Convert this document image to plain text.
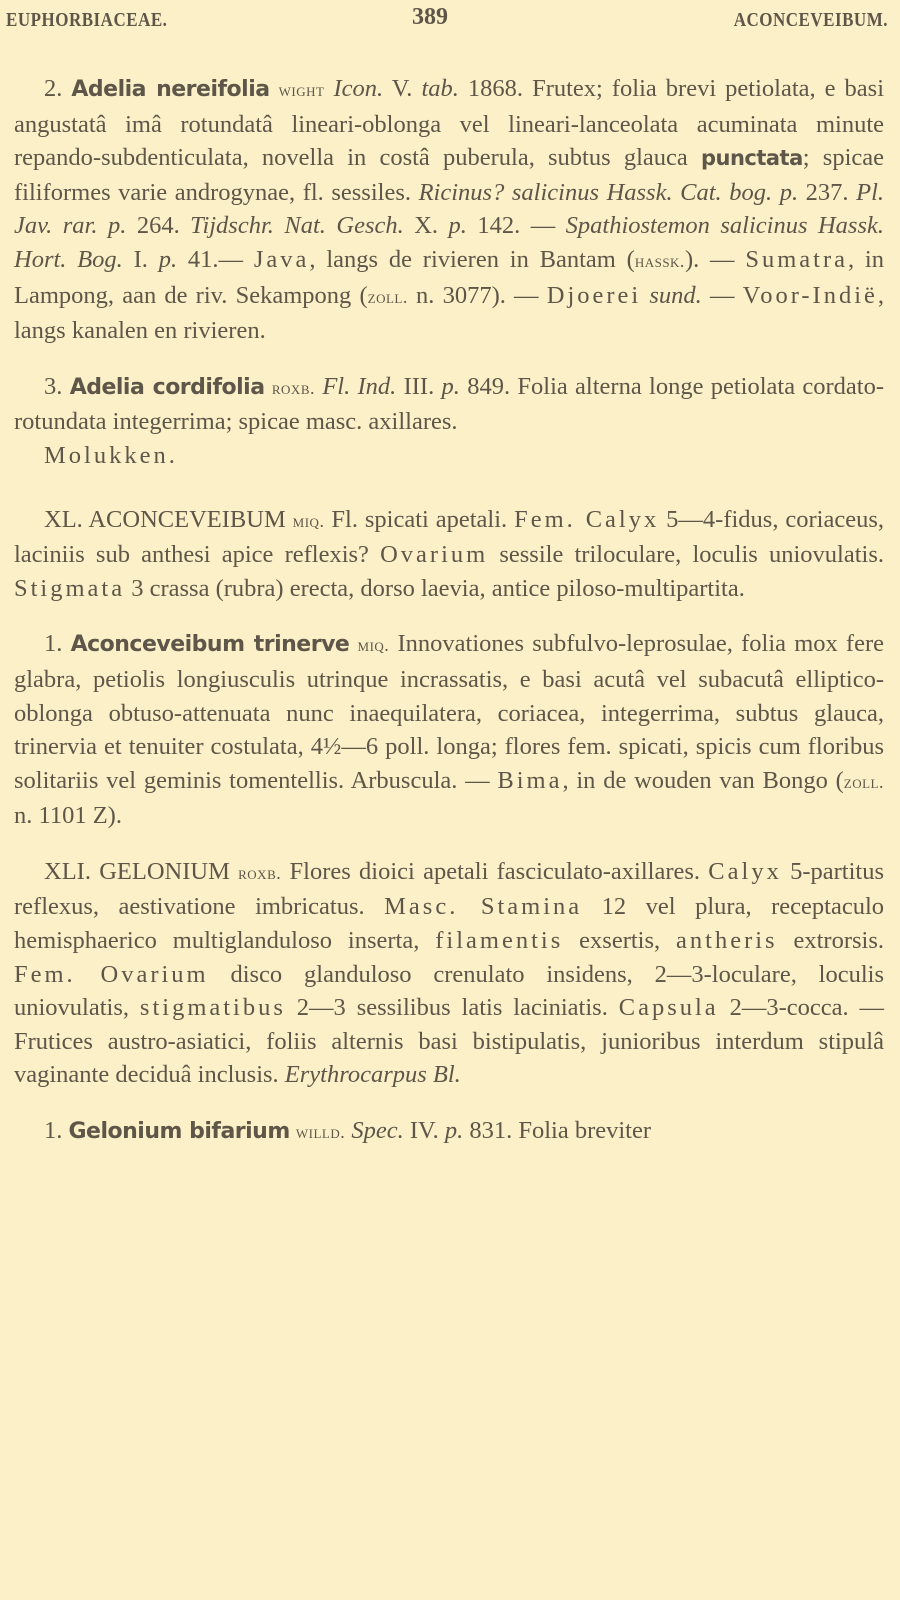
EUPHORBIACEAE.	389	ACONCEVEIBUM.

2. Adelia nereifolia wight Icon. V. tab. 1868. Frutex; folia brevi petiolata, e basi angustatâ imâ rotundatâ lineari-oblonga vel lineari-lanceolata acuminata minute repando-subdenticulata, novella in costâ puberula, subtus glauca punctata; spicae filiformes varie androgynae, fl. sessiles. Ricinus? salicinus Hassk. Cat. bog. p. 237. Pl. Jav. rar. p. 264. Tijdschr. Nat. Gesch. X. p. 142. — Spathiostemon salicinus Hassk. Hort. Bog. I. p. 41.— Java, langs de rivieren in Bantam (hassk.). — Sumatra, in Lampong, aan de riv. Sekampong (zoll. n. 3077). — Djoerei sund. — Voor-Indië, langs kanalen en rivieren.

3. Adelia cordifolia roxb. Fl. Ind. III. p. 849. Folia alterna longe petiolata cordato-rotundata integerrima; spicae masc. axillares.

Molukken.

XL. ACONCEVEIBUM miq. Fl. spicati apetali. Fem. Calyx 5—4-fidus, coriaceus, laciniis sub anthesi apice reflexis? Ovarium sessile triloculare, loculis uniovulatis. Stigmata 3 crassa (rubra) erecta, dorso laevia, antice piloso-multipartita.

1. Aconceveibum trinerve miq. Innovationes subfulvo-leprosulae, folia mox fere glabra, petiolis longiusculis utrinque incrassatis, e basi acutâ vel subacutâ elliptico-oblonga obtuso-attenuata nunc inaequilatera, coriacea, integerrima, subtus glauca, trinervia et tenuiter costulata, 4½—6 poll. longa; flores fem. spicati, spicis cum floribus solitariis vel geminis tomentellis. Arbuscula. — Bima, in de wouden van Bongo (zoll. n. 1101 Z).

XLI. GELONIUM roxb. Flores dioici apetali fasciculato-axillares. Calyx 5-partitus reflexus, aestivatione imbricatus. Masc. Stamina 12 vel plura, receptaculo hemisphaerico multiglanduloso inserta, filamentis exsertis, antheris extrorsis. Fem. Ovarium disco glanduloso crenulato insidens, 2—3-loculare, loculis uniovulatis, stigmatibus 2—3 sessilibus latis laciniatis. Capsula 2—3-cocca. — Frutices austro-asiatici, foliis alternis basi bistipulatis, junioribus interdum stipulâ vaginante deciduâ inclusis. Erythrocarpus Bl.

1. Gelonium bifarium willd. Spec. IV. p. 831. Folia breviter
